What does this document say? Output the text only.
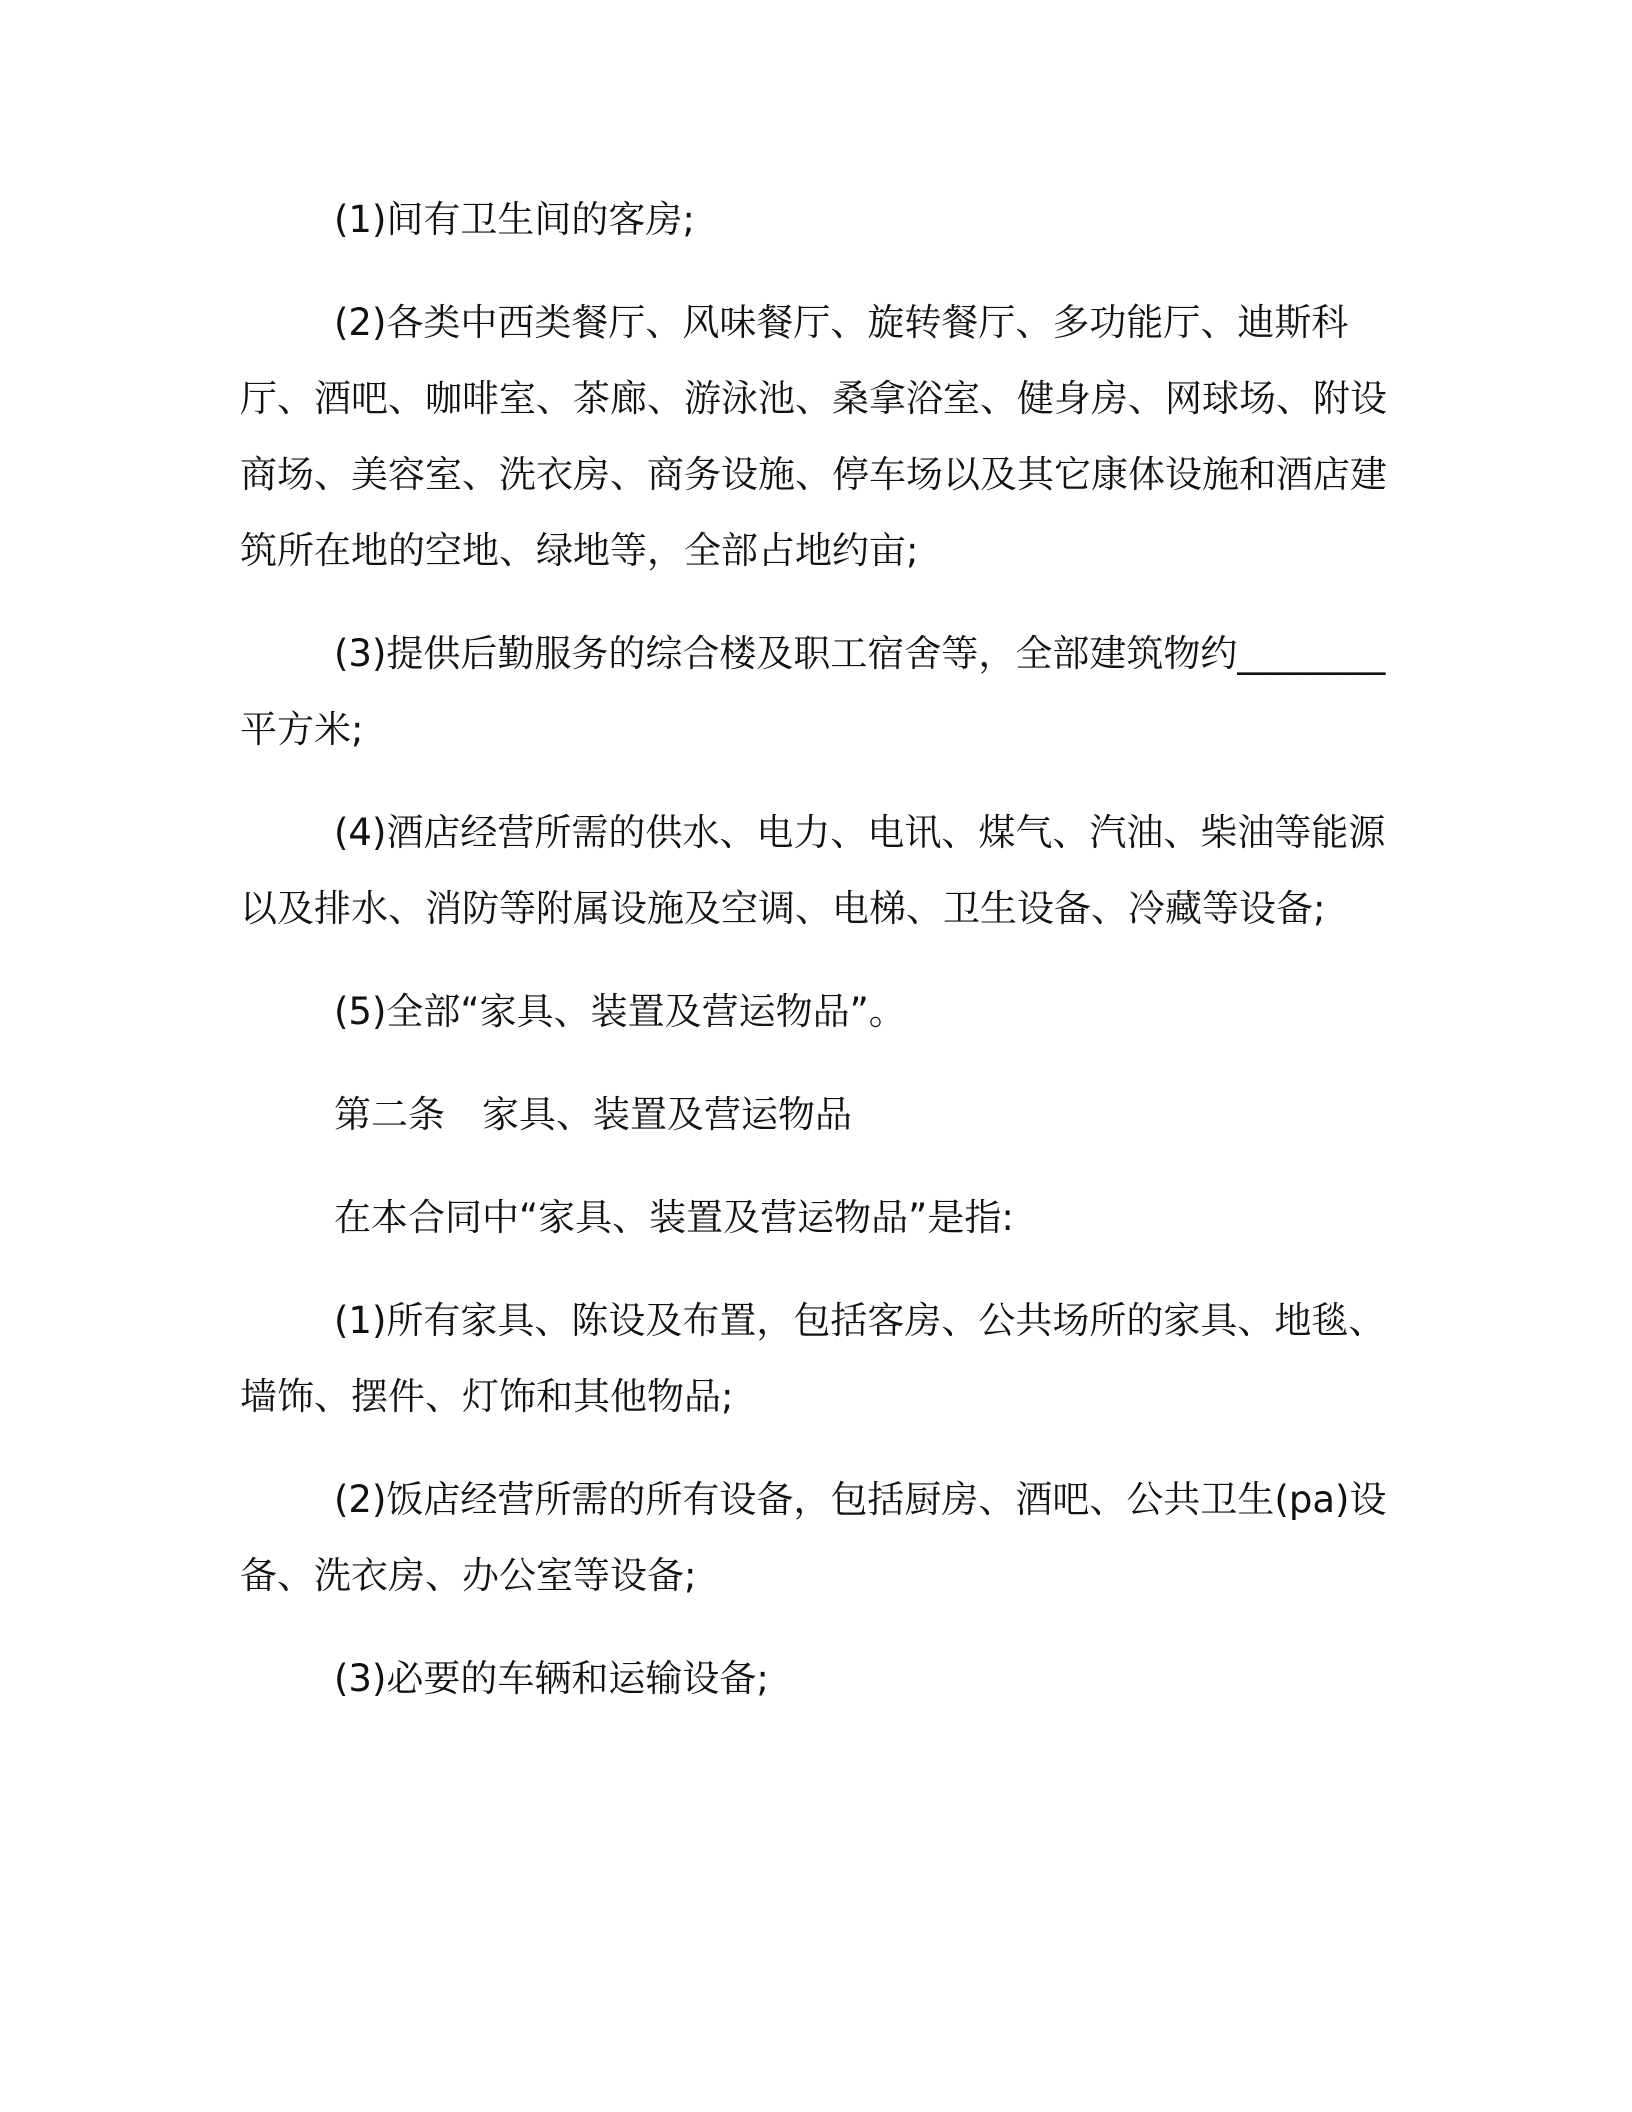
(1)间有卫生间的客房;

(2)各类中西类餐厅、风味餐厅、旋转餐厅、多功能厅、迪斯科厅、酒吧、咖啡室、茶廊、游泳池、桑拿浴室、健身房、网球场、附设商场、美容室、洗衣房、商务设施、停车场以及其它康体设施和酒店建筑所在地的空地、绿地等，全部占地约亩;

(3)提供后勤服务的综合楼及职工宿舍等，全部建筑物约________平方米;

(4)酒店经营所需的供水、电力、电讯、煤气、汽油、柴油等能源以及排水、消防等附属设施及空调、电梯、卫生设备、冷藏等设备;

(5)全部“家具、装置及营运物品”。

第二条　家具、装置及营运物品

在本合同中“家具、装置及营运物品”是指:

(1)所有家具、陈设及布置，包括客房、公共场所的家具、地毯、墙饰、摆件、灯饰和其他物品;

(2)饭店经营所需的所有设备，包括厨房、酒吧、公共卫生(pa)设备、洗衣房、办公室等设备;

(3)必要的车辆和运输设备;
